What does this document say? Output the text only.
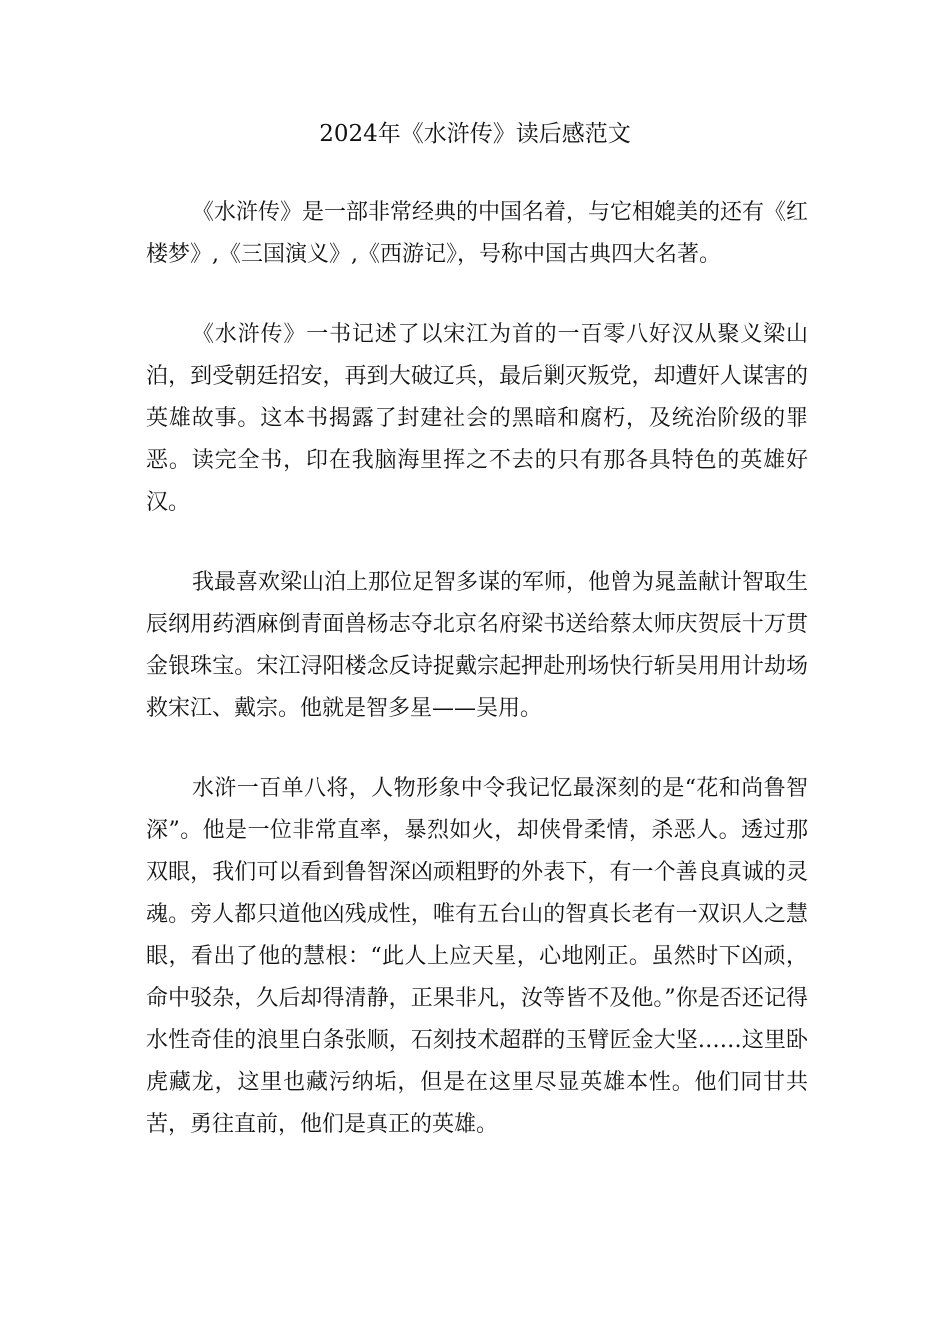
2024年《水浒传》读后感范文

《水浒传》是一部非常经典的中国名着，与它相媲美的还有《红楼梦》,《三国演义》,《西游记》，号称中国古典四大名著。

《水浒传》一书记述了以宋江为首的一百零八好汉从聚义梁山泊，到受朝廷招安，再到大破辽兵，最后剿灭叛党，却遭奸人谋害的英雄故事。这本书揭露了封建社会的黑暗和腐朽，及统治阶级的罪恶。读完全书，印在我脑海里挥之不去的只有那各具特色的英雄好汉。

我最喜欢梁山泊上那位足智多谋的军师，他曾为晁盖献计智取生辰纲用药酒麻倒青面兽杨志夺北京名府梁书送给蔡太师庆贺辰十万贯金银珠宝。宋江浔阳楼念反诗捉戴宗起押赴刑场快行斩吴用用计劫场救宋江、戴宗。他就是智多星——吴用。

水浒一百单八将，人物形象中令我记忆最深刻的是“花和尚鲁智深”。他是一位非常直率，暴烈如火，却侠骨柔情，杀恶人。透过那双眼，我们可以看到鲁智深凶顽粗野的外表下，有一个善良真诚的灵魂。旁人都只道他凶残成性，唯有五台山的智真长老有一双识人之慧眼，看出了他的慧根：“此人上应天星，心地刚正。虽然时下凶顽，命中驳杂，久后却得清静，正果非凡，汝等皆不及他。”你是否还记得水性奇佳的浪里白条张顺，石刻技术超群的玉臂匠金大坚……这里卧虎藏龙，这里也藏污纳垢，但是在这里尽显英雄本性。他们同甘共苦，勇往直前，他们是真正的英雄。
